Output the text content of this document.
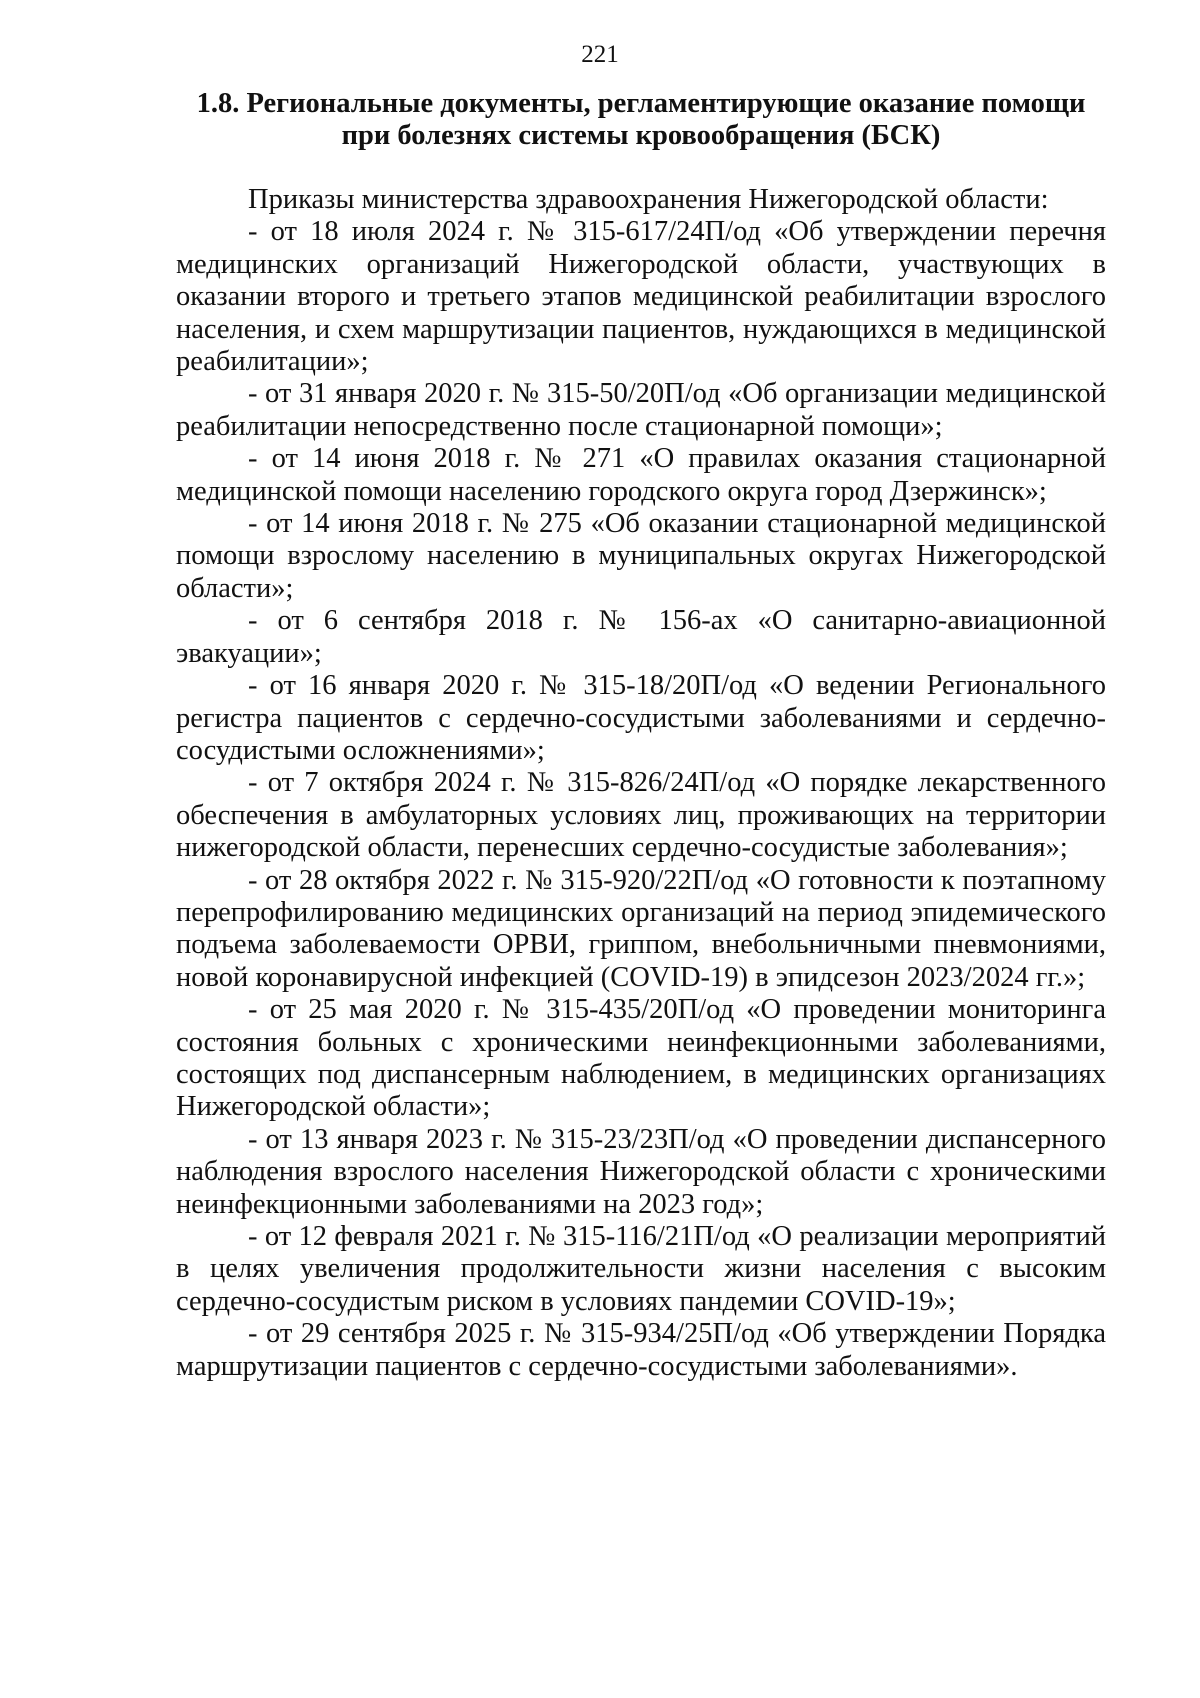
221
1.8. Региональные документы, регламентирующие оказание помощи
при болезнях системы кровообращения (БСК)

Приказы министерства здравоохранения Нижегородской области:

- от 18 июля 2024 г. № 315-617/24П/од «Об утверждении перечня медицинских организаций Нижегородской области, участвующих в оказании второго и третьего этапов медицинской реабилитации взрослого населения, и схем маршрутизации пациентов, нуждающихся в медицинской реабилитации»;

- от 31 января 2020 г. № 315-50/20П/од «Об организации медицинской реабилитации непосредственно после стационарной помощи»;

- от 14 июня 2018 г. № 271 «О правилах оказания стационарной медицинской помощи населению городского округа город Дзержинск»;

- от 14 июня 2018 г. № 275 «Об оказании стационарной медицинской помощи взрослому населению в муниципальных округах Нижегородской области»;

- от 6 сентября 2018 г. № 156-ах «О санитарно-авиационной эвакуации»;

- от 16 января 2020 г. № 315-18/20П/од «О ведении Регионального регистра пациентов с сердечно-сосудистыми заболеваниями и сердечно-сосудистыми осложнениями»;

- от 7 октября 2024 г. № 315-826/24П/од «О порядке лекарственного обеспечения в амбулаторных условиях лиц, проживающих на территории нижегородской области, перенесших сердечно-сосудистые заболевания»;

- от 28 октября 2022 г. № 315-920/22П/од «О готовности к поэтапному перепрофилированию медицинских организаций на период эпидемического подъема заболеваемости ОРВИ, гриппом, внебольничными пневмониями, новой коронавирусной инфекцией (COVID-19) в эпидсезон 2023/2024 гг.»;

- от 25 мая 2020 г. № 315-435/20П/од «О проведении мониторинга состояния больных с хроническими неинфекционными заболеваниями, состоящих под диспансерным наблюдением, в медицинских организациях Нижегородской области»;

- от 13 января 2023 г. № 315-23/23П/од «О проведении диспансерного наблюдения взрослого населения Нижегородской области с хроническими неинфекционными заболеваниями на 2023 год»;

- от 12 февраля 2021 г. № 315-116/21П/од «О реализации мероприятий в целях увеличения продолжительности жизни населения с высоким сердечно-сосудистым риском в условиях пандемии COVID-19»;

- от 29 сентября 2025 г. № 315-934/25П/од «Об утверждении Порядка маршрутизации пациентов с сердечно-сосудистыми заболеваниями».
